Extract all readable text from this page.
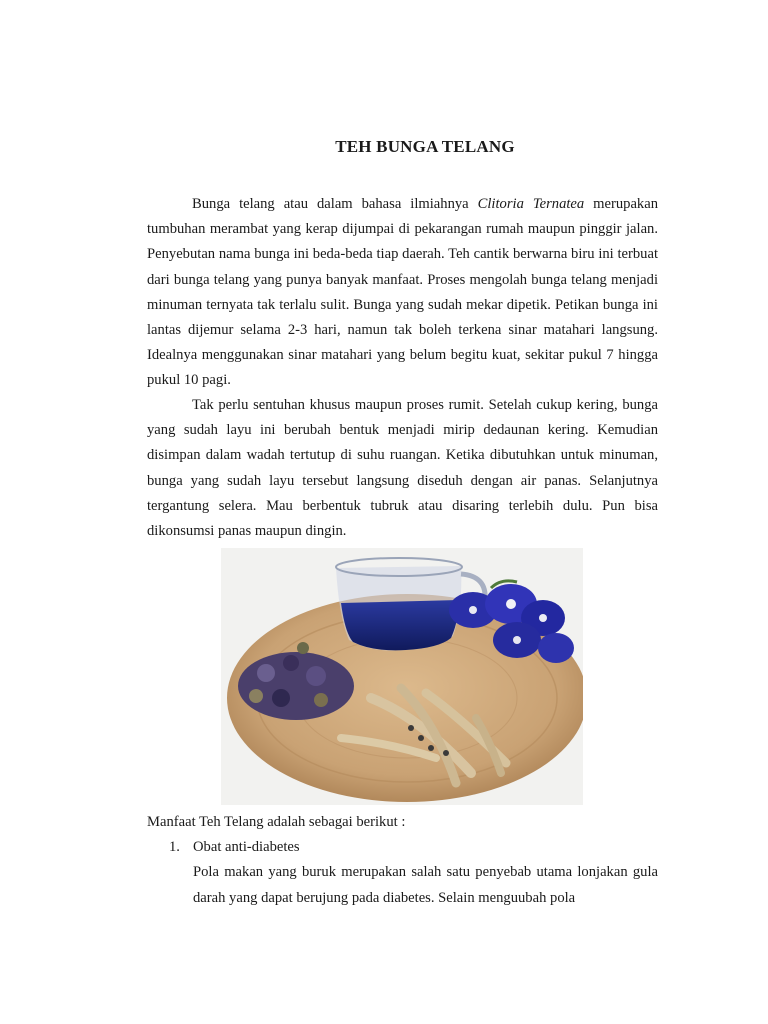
TEH BUNGA TELANG

Bunga telang atau dalam bahasa ilmiahnya Clitoria Ternatea merupakan tumbuhan merambat yang kerap dijumpai di pekarangan rumah maupun pinggir jalan. Penyebutan nama bunga ini beda-beda tiap daerah. Teh cantik berwarna biru ini terbuat dari bunga telang yang punya banyak manfaat. Proses mengolah bunga telang menjadi minuman ternyata tak terlalu sulit. Bunga yang sudah mekar dipetik. Petikan bunga ini lantas dijemur selama 2-3 hari, namun tak boleh terkena sinar matahari langsung. Idealnya menggunakan sinar matahari yang belum begitu kuat, sekitar pukul 7 hingga pukul 10 pagi.

Tak perlu sentuhan khusus maupun proses rumit. Setelah cukup kering, bunga yang sudah layu ini berubah bentuk menjadi mirip dedaunan kering. Kemudian disimpan dalam wadah tertutup di suhu ruangan. Ketika dibutuhkan untuk minuman, bunga yang sudah layu tersebut langsung diseduh dengan air panas. Selanjutnya tergantung selera. Mau berbentuk tubruk atau disaring terlebih dulu. Pun bisa dikonsumsi panas maupun dingin.

Manfaat Teh Telang adalah sebagai berikut :

1. Obat anti-diabetes

Pola makan yang buruk merupakan salah satu penyebab utama lonjakan gula darah yang dapat berujung pada diabetes. Selain menguubah pola
